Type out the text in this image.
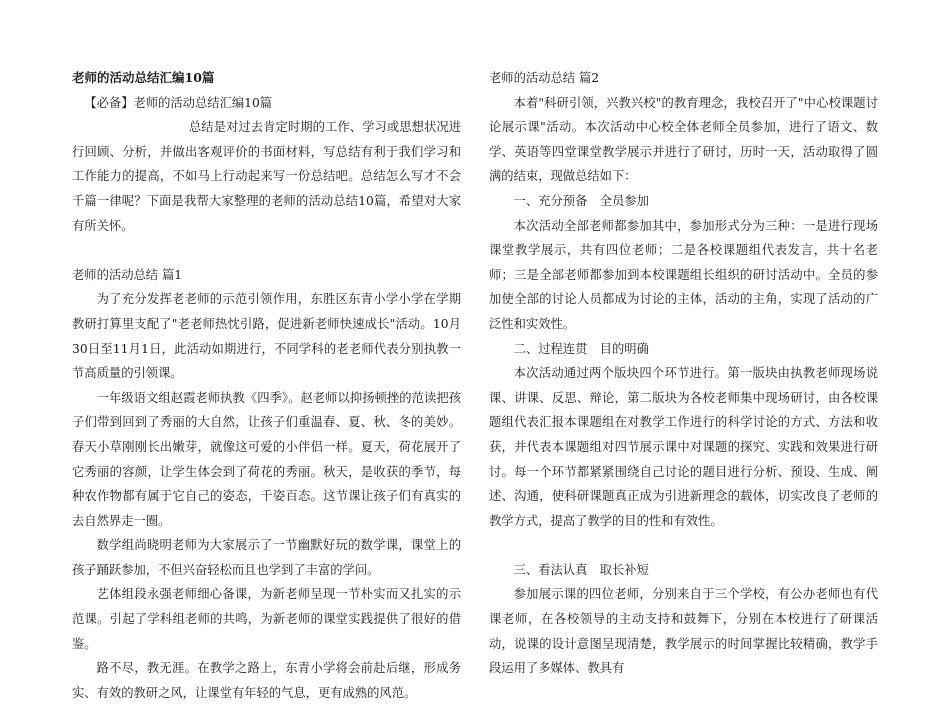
老师的活动总结汇编10篇

【必备】老师的活动总结汇编10篇

总结是对过去肯定时期的工作、学习或思想状况进行回顾、分析，并做出客观评价的书面材料，写总结有利于我们学习和工作能力的提高，不如马上行动起来写一份总结吧。总结怎么写才不会千篇一律呢？下面是我帮大家整理的老师的活动总结10篇，希望对大家有所关怀。

老师的活动总结 篇1

为了充分发挥老老师的示范引领作用，东胜区东青小学小学在学期教研打算里支配了"老老师热忱引路，促进新老师快速成长"活动。10月30日至11月1日，此活动如期进行，不同学科的老老师代表分别执教一节高质量的引领课。

一年级语文组赵霞老师执教《四季》。赵老师以抑扬顿挫的范读把孩子们带到回到了秀丽的大自然，让孩子们重温春、夏、秋、冬的美妙。春天小草刚刚长出嫩芽，就像这可爱的小伴侣一样。夏天，荷花展开了它秀丽的容颜，让学生体会到了荷花的秀丽。秋天，是收获的季节，每种农作物都有属于它自己的姿态，千姿百态。这节课让孩子们有真实的去自然界走一圈。

数学组尚晓明老师为大家展示了一节幽默好玩的数学课，课堂上的孩子踊跃参加，不但兴奋轻松而且也学到了丰富的学问。

艺体组段永强老师细心备课，为新老师呈现一节朴实而又扎实的示范课。引起了学科组老师的共鸣，为新老师的课堂实践提供了很好的借鉴。

路不尽，教无涯。在教学之路上，东青小学将会前赴后继，形成务实、有效的教研之风，让课堂有年轻的气息，更有成熟的风范。

老师的活动总结 篇2

本着"科研引领，兴教兴校"的教育理念，我校召开了"中心校课题讨论展示课"活动。本次活动中心校全体老师全员参加，进行了语文、数学、英语等四堂课堂教学展示并进行了研讨，历时一天，活动取得了圆满的结束，现做总结如下：

一、充分预备　全员参加

本次活动全部老师都参加其中，参加形式分为三种：一是进行现场课堂教学展示，共有四位老师；二是各校课题组代表发言，共十名老师；三是全部老师都参加到本校课题组长组织的研讨活动中。全员的参加使全部的讨论人员都成为讨论的主体，活动的主角，实现了活动的广泛性和实效性。

二、过程连贯　目的明确

本次活动通过两个版块四个环节进行。第一版块由执教老师现场说课、讲课、反思、辩论，第二版块为各校老师集中现场研讨，由各校课题组代表汇报本课题组在对教学工作进行的科学讨论的方式、方法和收获，并代表本课题组对四节展示课中对课题的探究、实践和效果进行研讨。每一个环节都紧紧围绕自己讨论的题目进行分析、预设、生成、阐述、沟通，使科研课题真正成为引进新理念的载体，切实改良了老师的教学方式，提高了教学的目的性和有效性。

三、看法认真　取长补短

参加展示课的四位老师，分别来自于三个学校，有公办老师也有代课老师，在各校领导的主动支持和鼓舞下，分别在本校进行了研课活动，说课的设计意图呈现清楚，教学展示的时间掌握比较精确，教学手段运用了多媒体、教具有
